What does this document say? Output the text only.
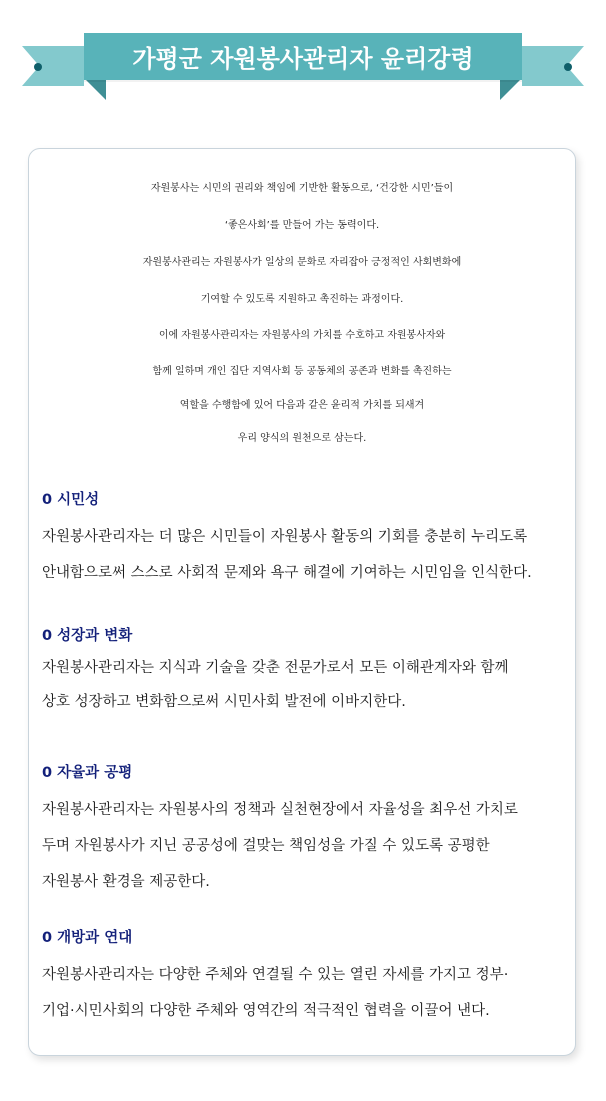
가평군 자원봉사관리자 윤리강령
자원봉사는 시민의 권리와 책임에 기반한 활동으로, ‘건강한 시민’들이
‘좋은사회’를 만들어 가는 동력이다.
자원봉사관리는 자원봉사가 일상의 문화로 자리잡아 긍정적인 사회변화에
기여할 수 있도록 지원하고 촉진하는 과정이다.
이에 자원봉사관리자는 자원봉사의 가치를 수호하고 자원봉사자와
함께 일하며 개인 집단 지역사회 등 공동체의 공존과 변화를 촉진하는
역할을 수행함에 있어 다음과 같은 윤리적 가치를 되새겨
우리 양식의 원천으로 삼는다.
0 시민성
자원봉사관리자는 더 많은 시민들이 자원봉사 활동의 기회를 충분히 누리도록
안내함으로써 스스로 사회적 문제와 욕구 해결에 기여하는 시민임을 인식한다.
0 성장과 변화
자원봉사관리자는 지식과 기술을 갖춘 전문가로서 모든 이해관계자와 함께
상호 성장하고 변화함으로써 시민사회 발전에 이바지한다.
0 자율과 공평
자원봉사관리자는 자원봉사의 정책과 실천현장에서 자율성을 최우선 가치로
두며 자원봉사가 지닌 공공성에 걸맞는 책임성을 가질 수 있도록 공평한
자원봉사 환경을 제공한다.
0 개방과 연대
자원봉사관리자는 다양한 주체와 연결될 수 있는 열린 자세를 가지고 정부·
기업·시민사회의 다양한 주체와 영역간의 적극적인 협력을 이끌어 낸다.
